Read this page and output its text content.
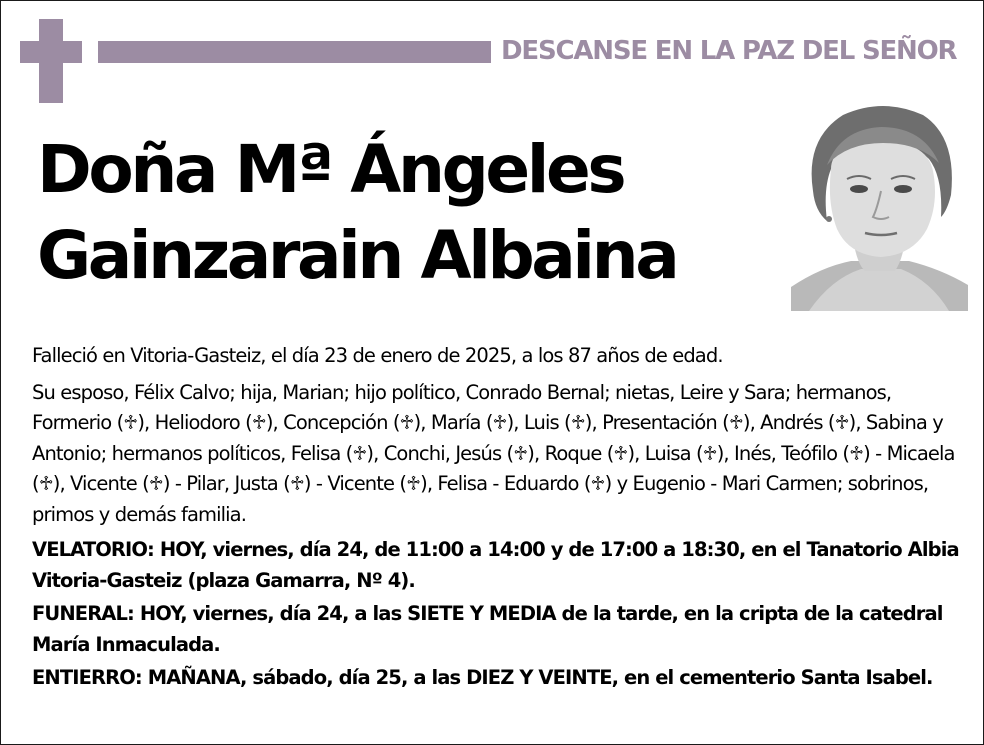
DESCANSE EN LA PAZ DEL SEÑOR
Doña Mª Ángeles
Gainzarain Albaina

Falleció en Vitoria-Gasteiz, el día 23 de enero de 2025, a los 87 años de edad.

Su esposo, Félix Calvo; hija, Marian; hijo político, Conrado Bernal; nietas, Leire y Sara; hermanos, Formerio (♱), Heliodoro (♱), Concepción (♱), María (♱), Luis (♱), Presentación (♱), Andrés (♱), Sabina y Antonio; hermanos políticos, Felisa (♱), Conchi, Jesús (♱), Roque (♱), Luisa (♱), Inés, Teófilo (♱) - Micaela (♱), Vicente (♱) - Pilar, Justa (♱) - Vicente (♱), Felisa - Eduardo (♱) y Eugenio - Mari Carmen; sobrinos, primos y demás familia.

VELATORIO: HOY, viernes, día 24, de 11:00 a 14:00 y de 17:00 a 18:30, en el Tanatorio Albia Vitoria-Gasteiz (plaza Gamarra, Nº 4).

FUNERAL: HOY, viernes, día 24, a las SIETE Y MEDIA de la tarde, en la cripta de la catedral María Inmaculada.

ENTIERRO: MAÑANA, sábado, día 25, a las DIEZ Y VEINTE, en el cementerio Santa Isabel.
